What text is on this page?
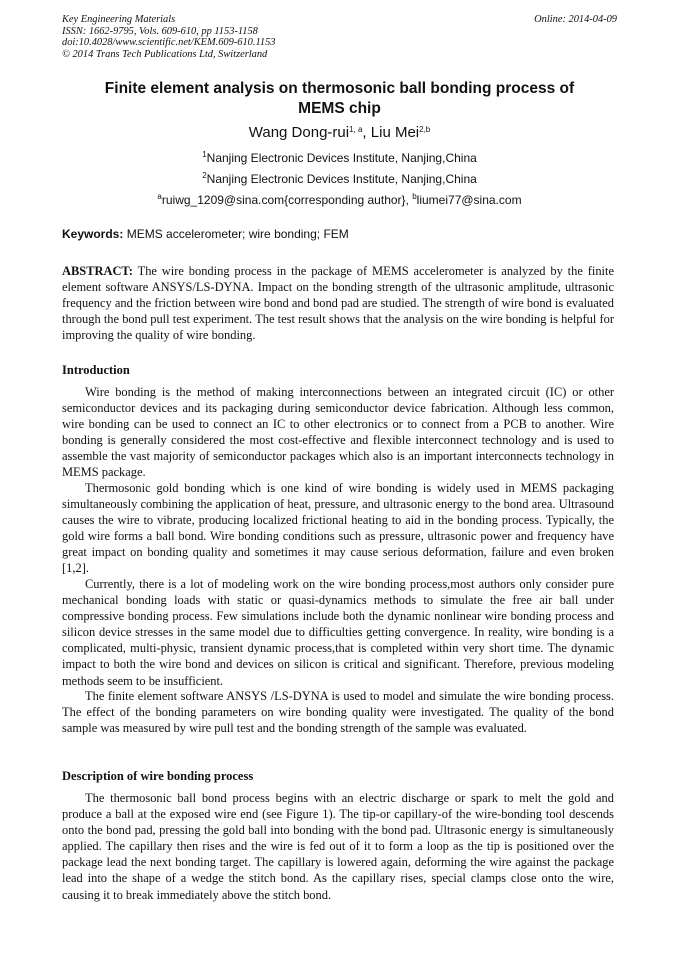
Key Engineering Materials
ISSN: 1662-9795, Vols. 609-610, pp 1153-1158
doi:10.4028/www.scientific.net/KEM.609-610.1153
© 2014 Trans Tech Publications Ltd, Switzerland
Online: 2014-04-09
Finite element analysis on thermosonic ball bonding process of
MEMS chip
Wang Dong-rui$^{1, a}$, Liu Mei$^{2,b}$
$^1$Nanjing Electronic Devices Institute, Nanjing,China
$^2$Nanjing Electronic Devices Institute, Nanjing,China
$^a$ruiwg_1209@sina.com{corresponding author}, $^b$liumei77@sina.com
Keywords: MEMS accelerometer; wire bonding; FEM

ABSTRACT: The wire bonding process in the package of MEMS accelerometer is analyzed by the finite element software ANSYS/LS-DYNA. Impact on the bonding strength of the ultrasonic amplitude, ultrasonic frequency and the friction between wire bond and bond pad are studied. The strength of wire bond is evaluated through the bond pull test experiment. The test result shows that the analysis on the wire bonding is helpful for improving the quality of wire bonding.

Introduction

Wire bonding is the method of making interconnections between an integrated circuit (IC) or other semiconductor devices and its packaging during semiconductor device fabrication. Although less common, wire bonding can be used to connect an IC to other electronics or to connect from a PCB to another. Wire bonding is generally considered the most cost-effective and flexible interconnect technology and is used to assemble the vast majority of semiconductor packages which also is an important interconnects technology in MEMS package.

Thermosonic gold bonding which is one kind of wire bonding is widely used in MEMS packaging simultaneously combining the application of heat, pressure, and ultrasonic energy to the bond area. Ultrasound causes the wire to vibrate, producing localized frictional heating to aid in the bonding process. Typically, the gold wire forms a ball bond. Wire bonding conditions such as pressure, ultrasonic power and frequency have great impact on bonding quality and sometimes it may cause serious deformation, failure and even broken [1,2].

Currently, there is a lot of modeling work on the wire bonding process,most authors only consider pure mechanical bonding loads with static or quasi-dynamics methods to simulate the free air ball under compressive bonding process. Few simulations include both the dynamic nonlinear wire bonding process and silicon device stresses in the same model due to difficulties getting convergence. In reality, wire bonding is a complicated, multi-physic, transient dynamic process,that is completed within very short time. The dynamic impact to both the wire bond and devices on silicon is critical and significant. Therefore, previous modeling methods seem to be insufficient.

The finite element software ANSYS /LS-DYNA is used to model and simulate the wire bonding process. The effect of the bonding parameters on wire bonding quality were investigated. The quality of the bond sample was measured by wire pull test and the bonding strength of the sample was evaluated.

Description of wire bonding process

The thermosonic ball bond process begins with an electric discharge or spark to melt the gold and produce a ball at the exposed wire end (see Figure 1). The tip-or capillary-of the wire-bonding tool descends onto the bond pad, pressing the gold ball into bonding with the bond pad. Ultrasonic energy is simultaneously applied. The capillary then rises and the wire is fed out of it to form a loop as the tip is positioned over the package lead the next bonding target. The capillary is lowered again, deforming the wire against the package lead into the shape of a wedge the stitch bond. As the capillary rises, special clamps close onto the wire, causing it to break immediately above the stitch bond.
